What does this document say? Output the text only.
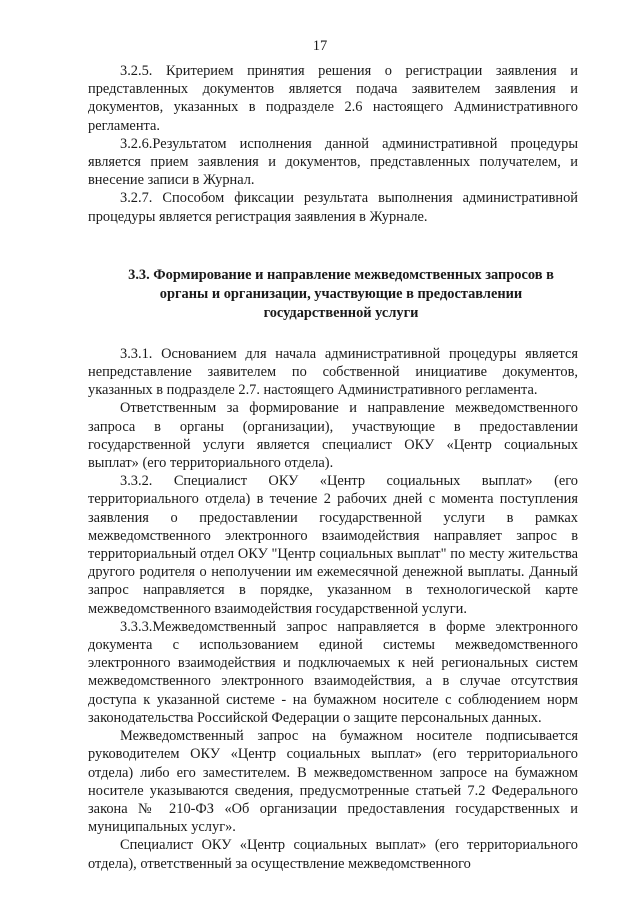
17

3.2.5. Критерием принятия решения о регистрации заявления и представленных документов является подача заявителем заявления и документов, указанных в подразделе 2.6 настоящего Административного регламента.

3.2.6.Результатом исполнения данной административной процедуры является прием заявления и документов, представленных получателем, и внесение записи в Журнал.

3.2.7. Способом фиксации результата выполнения административной процедуры является регистрация заявления в Журнале.

3.3. Формирование и направление межведомственных запросов в
органы и организации, участвующие в предоставлении
государственной услуги

3.3.1. Основанием для начала административной процедуры является непредставление заявителем по собственной инициативе документов, указанных в подразделе 2.7. настоящего Административного регламента.

Ответственным за формирование и направление межведомственного запроса в органы (организации), участвующие в предоставлении государственной услуги является специалист ОКУ «Центр социальных выплат» (его территориального отдела).

3.3.2. Специалист ОКУ «Центр социальных выплат» (его территориального отдела) в течение 2 рабочих дней с момента поступления заявления о предоставлении государственной услуги в рамках межведомственного электронного взаимодействия направляет запрос в территориальный отдел ОКУ "Центр социальных выплат" по месту жительства другого родителя о неполучении им ежемесячной денежной выплаты. Данный запрос направляется в порядке, указанном в технологической карте межведомственного взаимодействия государственной услуги.

3.3.3.Межведомственный запрос направляется в форме электронного документа с использованием единой системы межведомственного электронного взаимодействия и подключаемых к ней региональных систем межведомственного электронного взаимодействия, а в случае отсутствия доступа к указанной системе - на бумажном носителе с соблюдением норм законодательства Российской Федерации о защите персональных данных.

Межведомственный запрос на бумажном носителе подписывается руководителем ОКУ «Центр социальных выплат» (его территориального отдела) либо его заместителем. В межведомственном запросе на бумажном носителе указываются сведения, предусмотренные статьей 7.2 Федерального закона № 210-ФЗ «Об организации предоставления государственных и муниципальных услуг».

Специалист ОКУ «Центр социальных выплат» (его территориального отдела), ответственный за осуществление межведомственного
